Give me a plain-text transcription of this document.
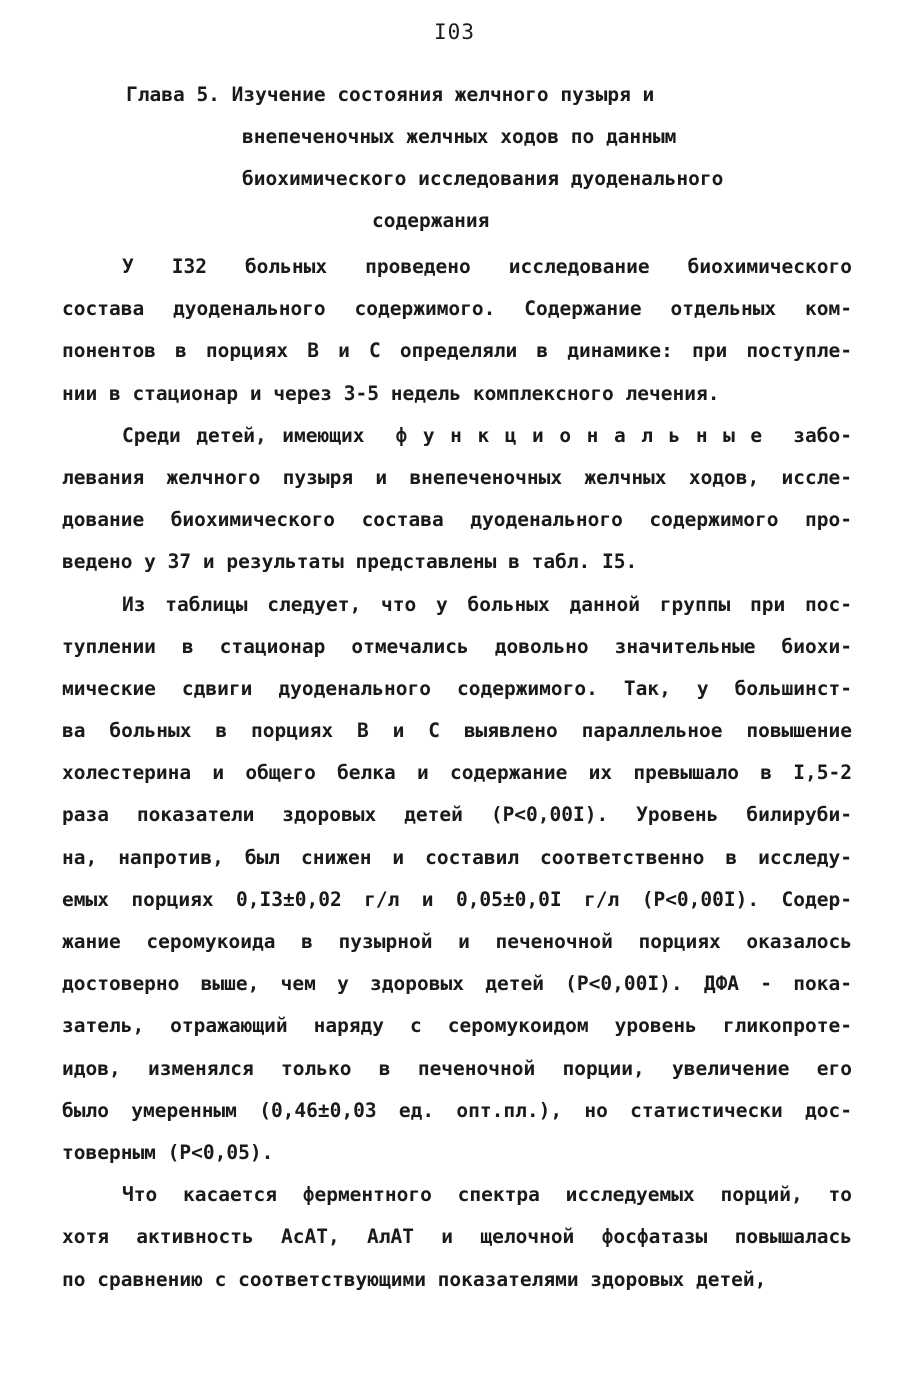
I03
Глава 5. Изучение состояния желчного пузыря и
внепеченочных желчных ходов по данным
биохимического исследования дуоденального
содержания

У I32 больных проведено исследование биохимического
состава дуоденального содержимого. Содержание отдельных ком-
понентов в порциях В и С определяли в динамике: при поступле-
нии в стационар и через 3-5 недель комплексного лечения.

Среди детей, имеющих  ф у н к ц и о н а л ь н ы е  забо-
левания желчного пузыря и внепеченочных желчных ходов, иссле-
дование биохимического состава дуоденального содержимого про-
ведено у 37 и результаты представлены в табл. I5.

Из таблицы следует, что у больных данной группы при пос-
туплении в стационар отмечались довольно значительные биохи-
мические сдвиги дуоденального содержимого. Так, у большинст-
ва больных в порциях В и С выявлено параллельное повышение
холестерина и общего белка и содержание их превышало в I,5-2
раза показатели здоровых детей (Р<0,00I). Уровень билируби-
на, напротив, был снижен и составил соответственно в исследу-
емых порциях 0,I3±0,02 г/л и 0,05±0,0I г/л (Р<0,00I). Содер-
жание серомукоида в пузырной и печеночной порциях оказалось
достоверно выше, чем у здоровых детей (Р<0,00I). ДФА - пока-
затель, отражающий наряду с серомукоидом уровень гликопроте-
идов, изменялся только в печеночной порции, увеличение его
было умеренным (0,46±0,03 ед. опт.пл.), но статистически дос-
товерным (Р<0,05).

Что касается ферментного спектра исследуемых порций, то
хотя активность АсАТ, АлАТ и щелочной фосфатазы повышалась
по сравнению с соответствующими показателями здоровых детей,
